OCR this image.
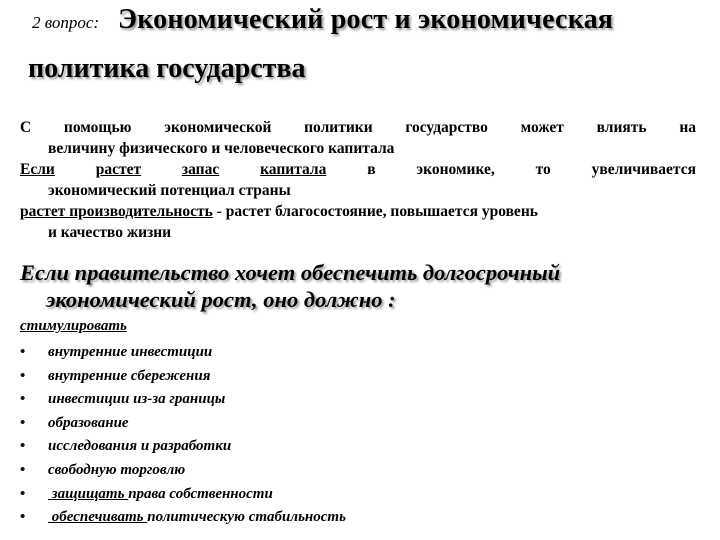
2 вопрос: Экономический рост и экономическая
политика государства

С помощью экономической политики государство может влиять на

величину физического и человеческого капитала

Если	растет	запас	капитала	в	экономике,	то	увеличивается

экономический потенциал страны

растет производительность - растет благосостояние, повышается уровень

и качество жизни

Если правительство хочет обеспечить долгосрочный
экономический рост, оно должно :
стимулировать
•	внутренние инвестиции
•	внутренние сбережения
•	инвестиции из-за границы
•	образование
•	исследования и разработки
•	свободную торговлю
•	защищать права собственности
•	обеспечивать политическую стабильность
